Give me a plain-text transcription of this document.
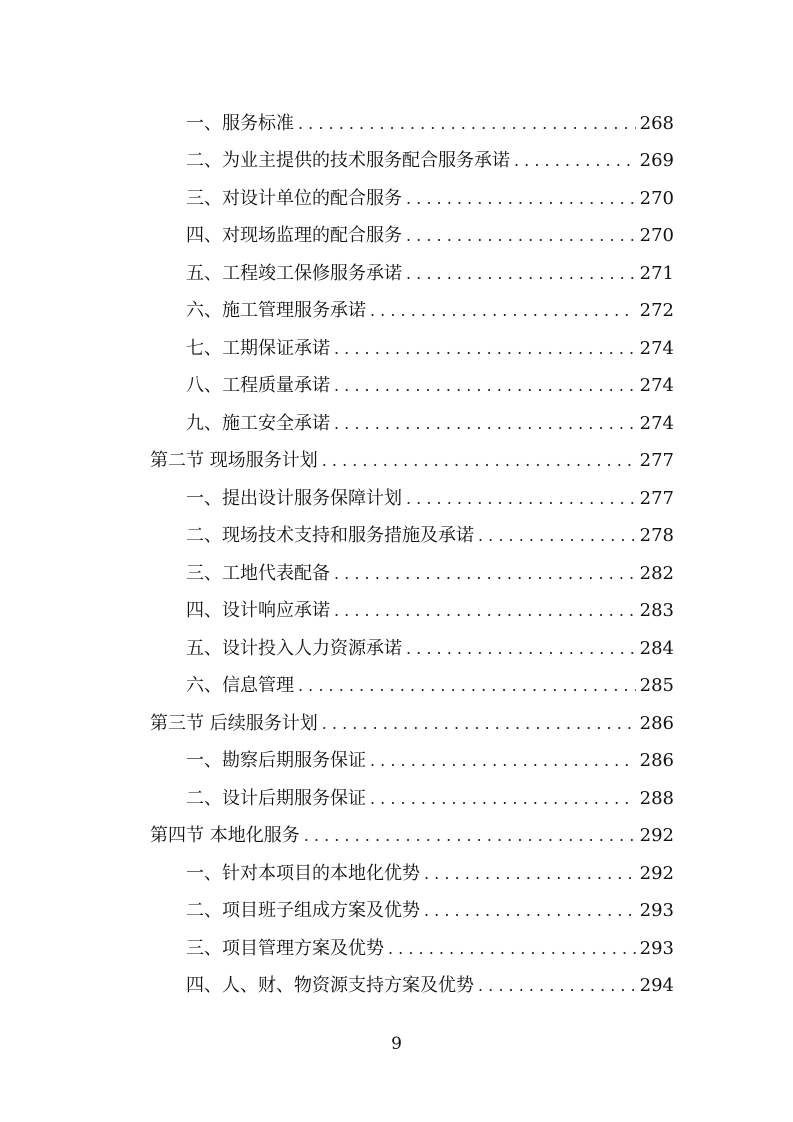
一、服务标准 . . .	268
二、为业主提供的技术服务配合服务承诺 . . .	269
三、对设计单位的配合服务 . . .	270
四、对现场监理的配合服务 . . .	270
五、工程竣工保修服务承诺 . . .	271
六、施工管理服务承诺 . . .	272
七、工期保证承诺 . . .	274
八、工程质量承诺 . . .	274
九、施工安全承诺 . . .	274
第二节 现场服务计划 . . .	277
一、提出设计服务保障计划 . . .	277
二、现场技术支持和服务措施及承诺 . . .	278
三、工地代表配备 . . .	282
四、设计响应承诺 . . .	283
五、设计投入人力资源承诺 . . .	284
六、信息管理 . . .	285
第三节 后续服务计划 . . .	286
一、勘察后期服务保证 . . .	286
二、设计后期服务保证 . . .	288
第四节 本地化服务 . . .	292
一、针对本项目的本地化优势 . . .	292
二、项目班子组成方案及优势 . . .	293
三、项目管理方案及优势 . . .	293
四、人、财、物资源支持方案及优势 . . .	294
9
